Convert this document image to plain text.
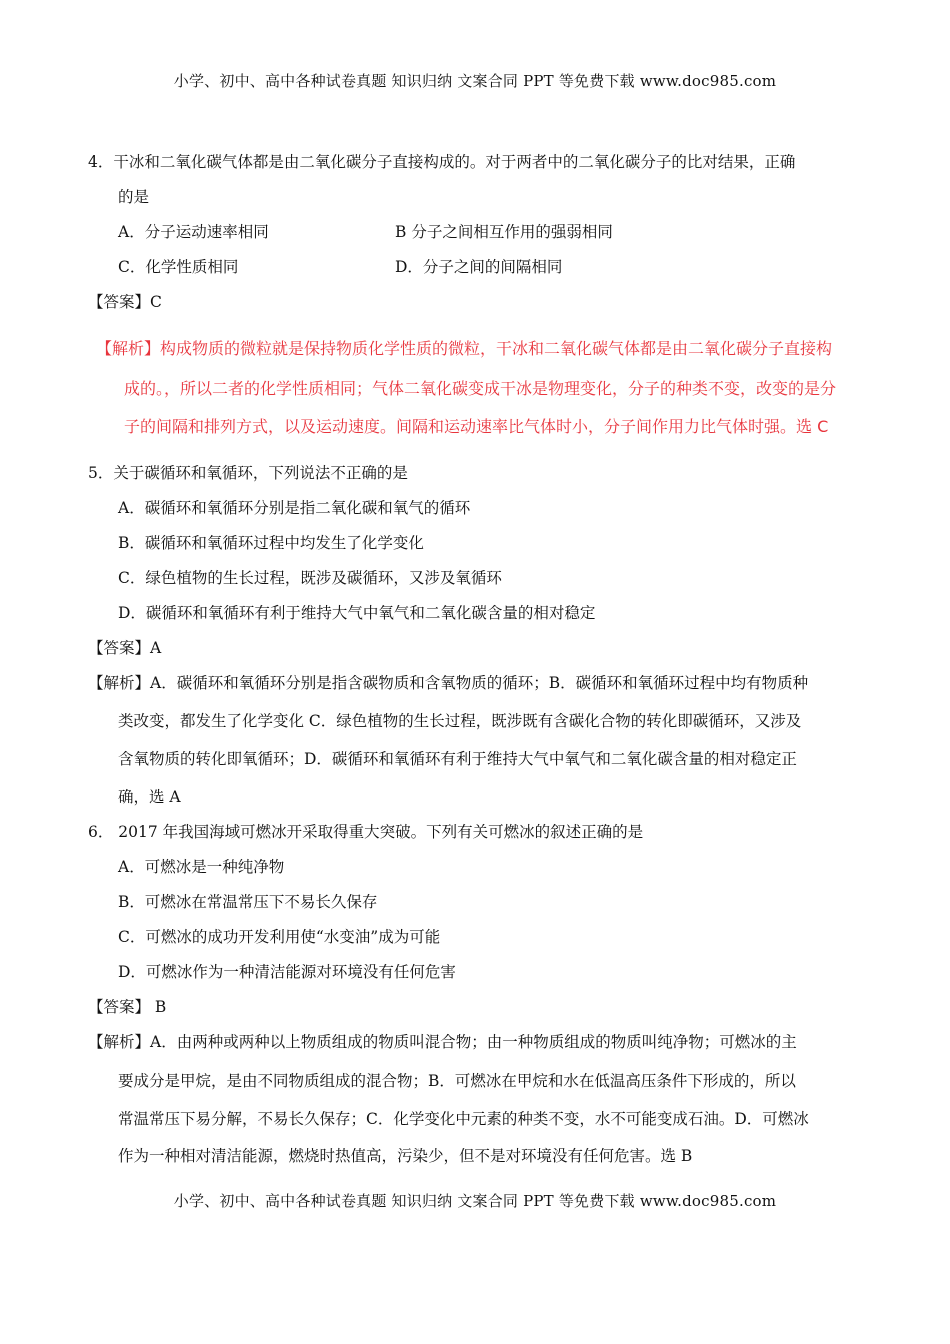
小学、初中、高中各种试卷真题 知识归纳 文案合同 PPT 等免费下载 www.doc985.com
4．干冰和二氧化碳气体都是由二氧化碳分子直接构成的。对于两者中的二氧化碳分子的比对结果，正确
的是
A．分子运动速率相同	B 分子之间相互作用的强弱相同
C．化学性质相同	D．分子之间的间隔相同
【答案】C
【解析】构成物质的微粒就是保持物质化学性质的微粒，干冰和二氧化碳气体都是由二氧化碳分子直接构
成的。，所以二者的化学性质相同；气体二氧化碳变成干冰是物理变化，分子的种类不变，改变的是分
子的间隔和排列方式，以及运动速度。间隔和运动速率比气体时小，分子间作用力比气体时强。选 C
5．关于碳循环和氧循环，下列说法不正确的是
A．碳循环和氧循环分别是指二氧化碳和氧气的循环
B．碳循环和氧循环过程中均发生了化学变化
C．绿色植物的生长过程，既涉及碳循环，又涉及氧循环
D．碳循环和氧循环有利于维持大气中氧气和二氧化碳含量的相对稳定
【答案】A
【解析】A．碳循环和氧循环分别是指含碳物质和含氧物质的循环；B．碳循环和氧循环过程中均有物质种
类改变，都发生了化学变化 C．绿色植物的生长过程，既涉既有含碳化合物的转化即碳循环，又涉及
含氧物质的转化即氧循环；D．碳循环和氧循环有利于维持大气中氧气和二氧化碳含量的相对稳定正
确，选 A
6． 2017 年我国海域可燃冰开采取得重大突破。下列有关可燃冰的叙述正确的是
A．可燃冰是一种纯净物
B．可燃冰在常温常压下不易长久保存
C．可燃冰的成功开发利用使“水变油”成为可能
D．可燃冰作为一种清洁能源对环境没有任何危害
【答案】 B
【解析】A．由两种或两种以上物质组成的物质叫混合物；由一种物质组成的物质叫纯净物；可燃冰的主
要成分是甲烷，是由不同物质组成的混合物；B．可燃冰在甲烷和水在低温高压条件下形成的，所以
常温常压下易分解，不易长久保存；C．化学变化中元素的种类不变，水不可能变成石油。D．可燃冰
作为一种相对清洁能源，燃烧时热值高，污染少，但不是对环境没有任何危害。选 B
小学、初中、高中各种试卷真题 知识归纳 文案合同 PPT 等免费下载 www.doc985.com
